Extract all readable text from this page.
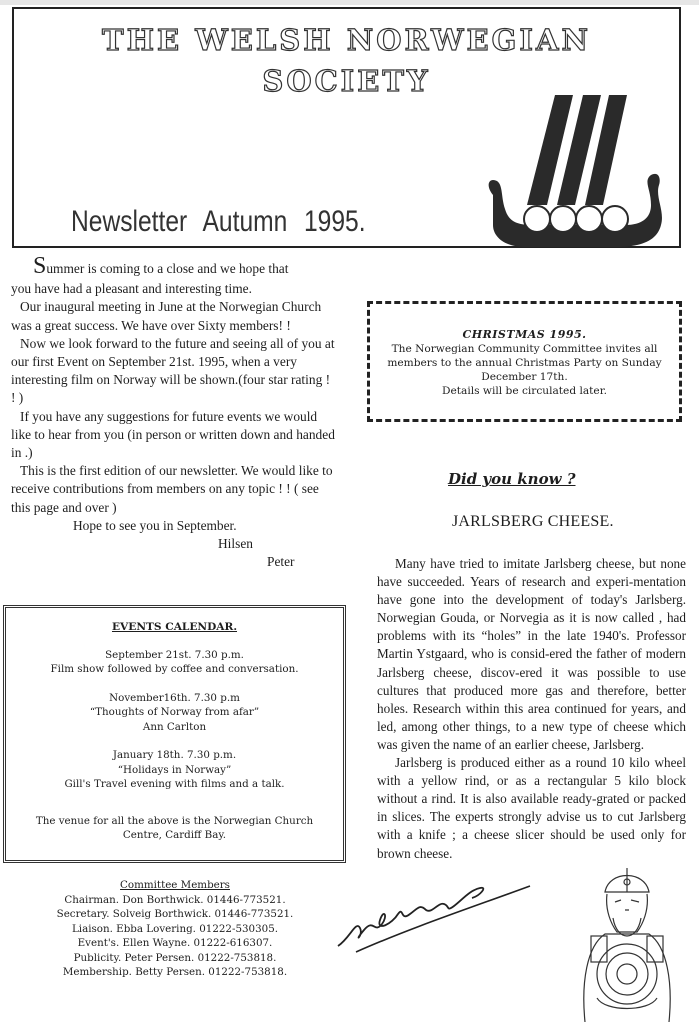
THE WELSH NORWEGIAN
SOCIETY
Newsletter Autumn 1995.

Summer is coming to a close and we hope that

you have had a pleasant and interesting time.

Our inaugural meeting in June at the Norwegian Church was a great success. We have over Sixty members! !

Now we look forward to the future and seeing all of you at our first Event on September 21st. 1995, when a very interesting film on Norway will be shown.(four star rating ! ! )

If you have any suggestions for future events we would like to hear from you (in person or written down and handed in .)

This is the first edition of our newsletter. We would like to receive contributions from members on any topic ! ! ( see this page and over )

Hope to see you in September.

Hilsen

Peter

CHRISTMAS 1995.
The Norwegian Community Committee invites all
members to the annual Christmas Party on Sunday
December 17th.
Details will be circulated later.
Did you know ?
JARLSBERG CHEESE.

Many have tried to imitate Jarlsberg cheese, but none have succeeded. Years of research and experi-mentation have gone into the development of today's Jarlsberg. Norwegian Gouda, or Norvegia as it is now called , had problems with its “holes” in the late 1940's. Professor Martin Ystgaard, who is consid-ered the father of modern Jarlsberg cheese, discov-ered it was possible to use cultures that produced more gas and therefore, better holes. Research within this area continued for years, and led, among other things, to a new type of cheese which was given the name of an earlier cheese, Jarlsberg.

Jarlsberg is produced either as a round 10 kilo wheel with a yellow rind, or as a rectangular 5 kilo block without a rind. It is also available ready-grated or packed in slices. The experts strongly advise us to cut Jarlsberg with a knife ; a cheese slicer should be used only for brown cheese.

EVENTS CALENDAR.
September 21st. 7.30 p.m.
Film show followed by coffee and conversation.
November16th. 7.30 p.m
“Thoughts of Norway from afar”
Ann Carlton
January 18th. 7.30 p.m.
“Holidays in Norway”
Gill's Travel evening with films and a talk.
The venue for all the above is the Norwegian Church
Centre, Cardiff Bay.
Committee Members
Chairman. Don Borthwick. 01446-773521.
Secretary. Solveig Borthwick. 01446-773521.
Liaison. Ebba Lovering. 01222-530305.
Event's. Ellen Wayne. 01222-616307.
Publicity. Peter Persen. 01222-753818.
Membership. Betty Persen. 01222-753818.
